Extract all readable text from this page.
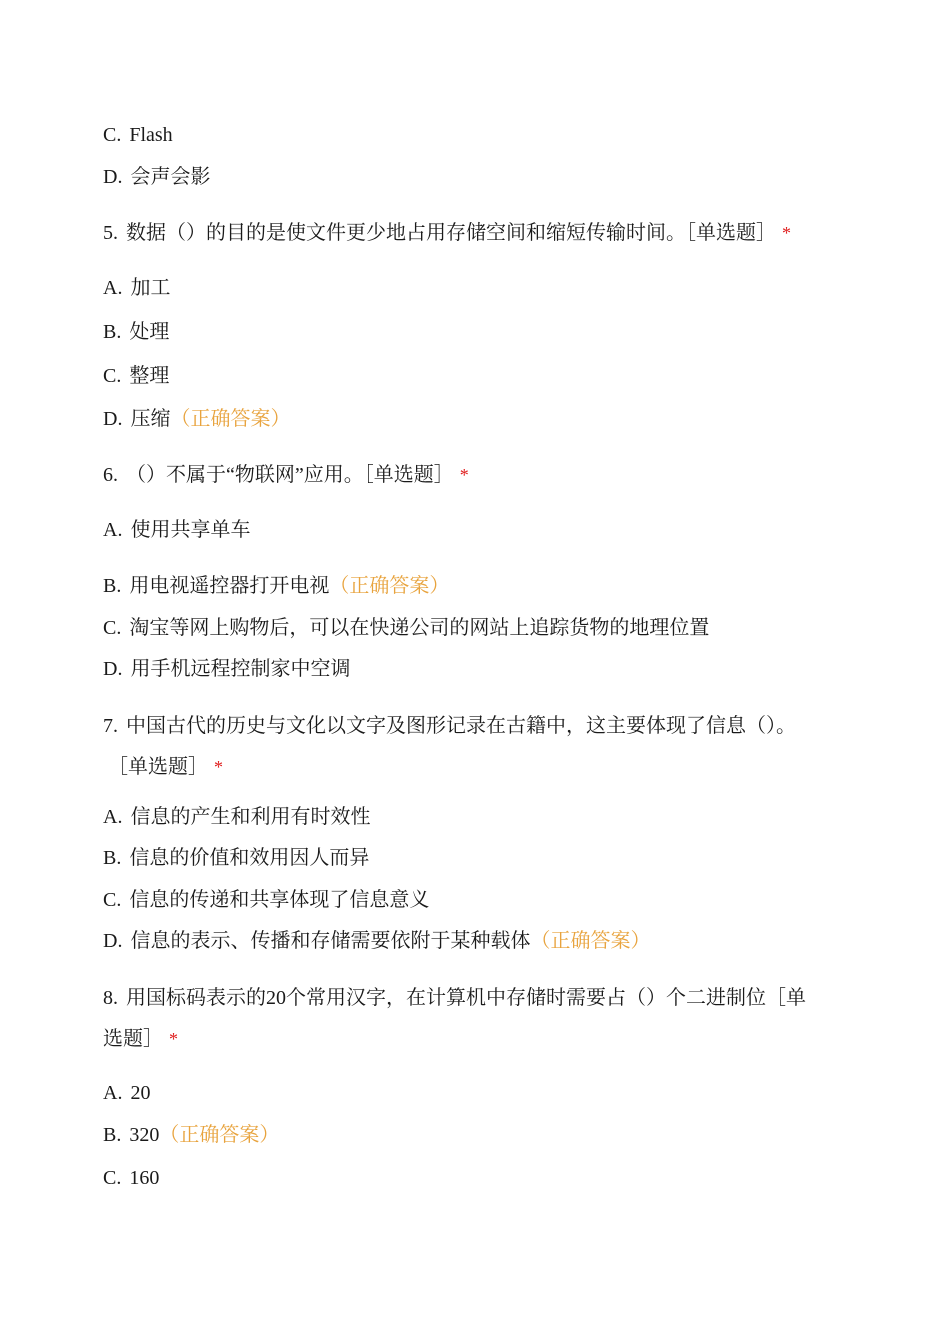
C. Flash
D. 会声会影
5. 数据（）的目的是使文件更少地占用存储空间和缩短传输时间。［单选题］ *
A. 加工
B. 处理
C. 整理
D. 压缩（正确答案）
6. （）不属于“物联网”应用。［单选题］ *
A. 使用共享单车
B. 用电视遥控器打开电视（正确答案）
C. 淘宝等网上购物后，可以在快递公司的网站上追踪货物的地理位置
D. 用手机远程控制家中空调
7. 中国古代的历史与文化以文字及图形记录在古籍中，这主要体现了信息（）。
［单选题］ *
A. 信息的产生和利用有时效性
B. 信息的价值和效用因人而异
C. 信息的传递和共享体现了信息意义
D. 信息的表示、传播和存储需要依附于某种载体（正确答案）
8. 用国标码表示的20个常用汉字，在计算机中存储时需要占（）个二进制位［单
选题］ *
A. 20
B. 320（正确答案）
C. 160
